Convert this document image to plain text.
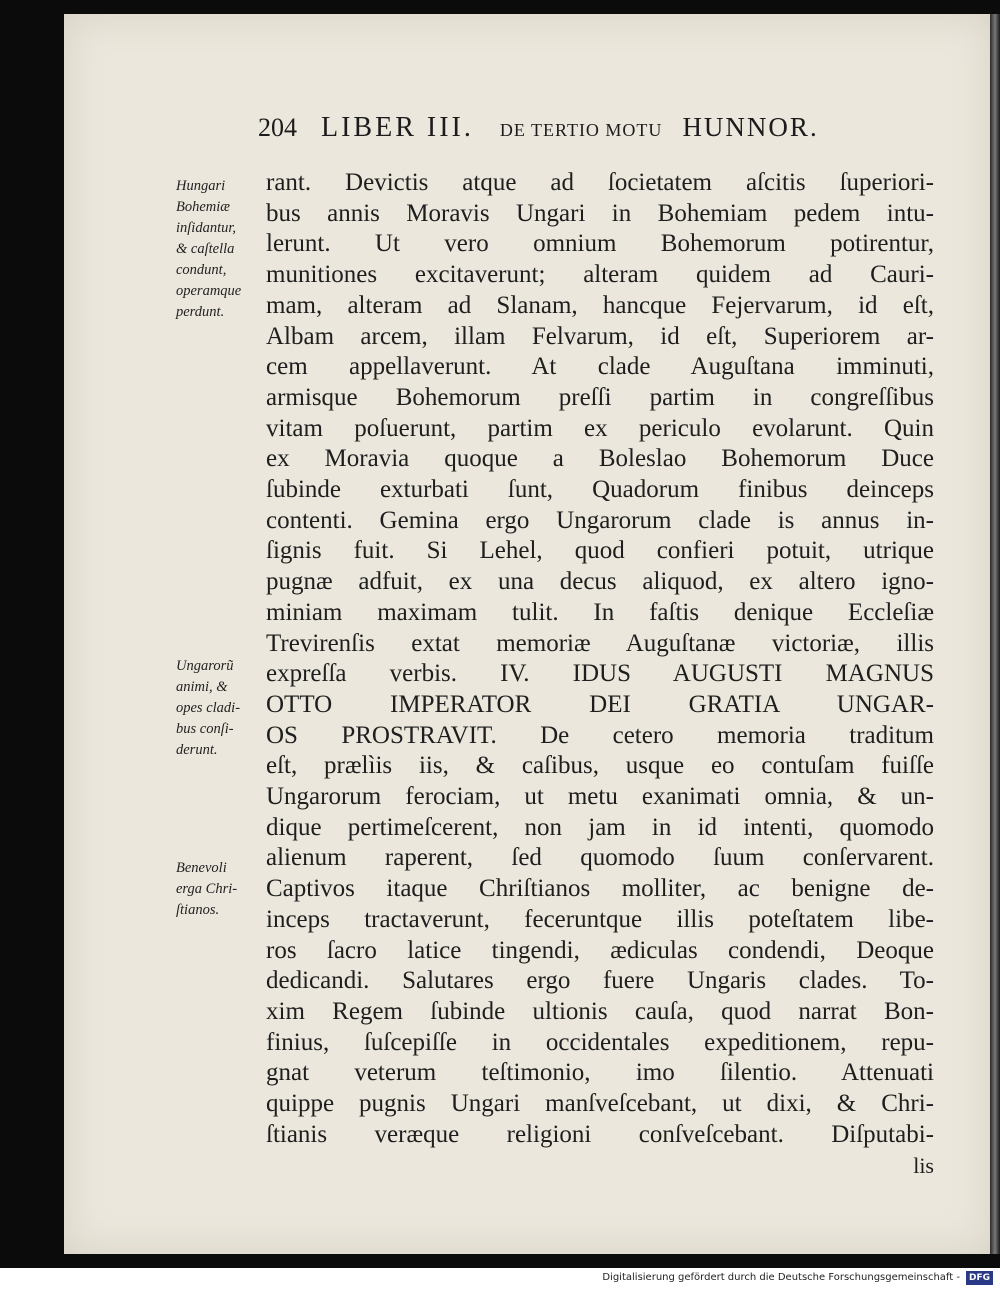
204 LIBER III. DE TERTIO MOTU HUNNOR.
Hungari
Bohemiæ
inſidantur,
& caſtella
condunt,
operamque
perdunt.
Ungarorũ
animi, &
opes cladi-
bus conſi-
derunt.
Benevoli
erga Chri-
ſtianos.
rant. Devictis atque ad ſocietatem aſcitis ſuperiori-
bus annis Moravis Ungari in Bohemiam pedem intu-
lerunt. Ut vero omnium Bohemorum potirentur,
munitiones excitaverunt; alteram quidem ad Cauri-
mam, alteram ad Slanam, hancque Fejervarum, id eſt,
Albam arcem, illam Felvarum, id eſt, Superiorem ar-
cem appellaverunt. At clade Auguſtana imminuti,
armisque Bohemorum preſſi partim in congreſſibus
vitam poſuerunt, partim ex periculo evolarunt. Quin
ex Moravia quoque a Boleslao Bohemorum Duce
ſubinde exturbati ſunt, Quadorum finibus deinceps
contenti. Gemina ergo Ungarorum clade is annus in-
ſignis fuit. Si Lehel, quod confieri potuit, utrique
pugnæ adfuit, ex una decus aliquod, ex altero igno-
miniam maximam tulit. In faſtis denique Eccleſiæ
Trevirenſis extat memoriæ Auguſtanæ victoriæ, illis
expreſſa verbis. IV. IDUS AUGUSTI MAGNUS
OTTO IMPERATOR DEI GRATIA UNGAR-
OS PROSTRAVIT. De cetero memoria traditum
eſt, prælìis iis, & caſibus, usque eo contuſam fuiſſe
Ungarorum ferociam, ut metu exanimati omnia, & un-
dique pertimeſcerent, non jam in id intenti, quomodo
alienum raperent, ſed quomodo ſuum conſervarent.
Captivos itaque Chriſtianos molliter, ac benigne de-
inceps tractaverunt, feceruntque illis poteſtatem libe-
ros ſacro latice tingendi, ædiculas condendi, Deoque
dedicandi. Salutares ergo fuere Ungaris clades. To-
xim Regem ſubinde ultionis cauſa, quod narrat Bon-
finius, ſuſcepiſſe in occidentales expeditionem, repu-
gnat veterum teſtimonio, imo ſilentio. Attenuati
quippe pugnis Ungari manſveſcebant, ut dixi, & Chri-
ſtianis veræque religioni conſveſcebant. Diſputabi-
lis
Digitalisierung gefördert durch die Deutsche Forschungsgemeinschaft - DFG
